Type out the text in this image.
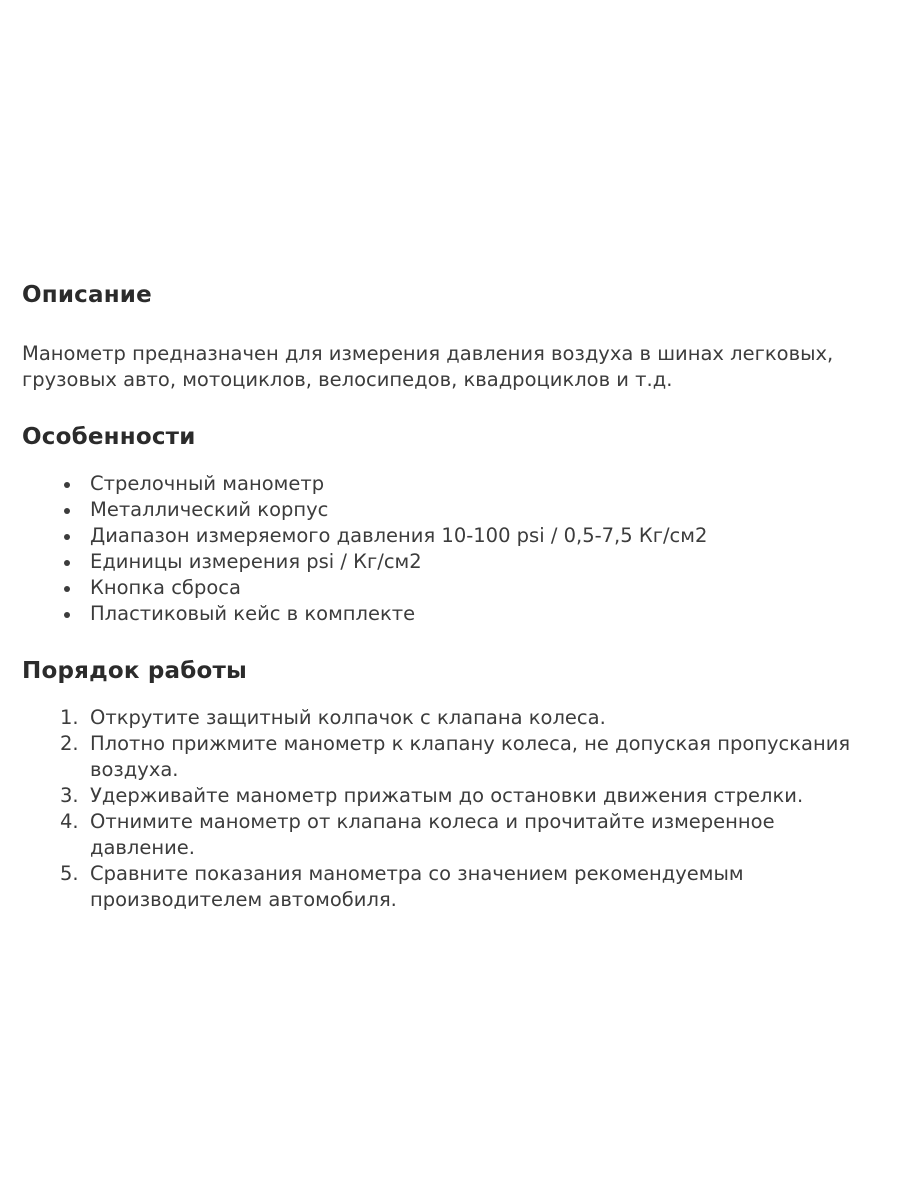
Описание

Манометр предназначен для измерения давления воздуха в шинах легковых, грузовых авто, мотоциклов, велосипедов, квадроциклов и т.д.

Особенности
Стрелочный манометр
Металлический корпус
Диапазон измеряемого давления 10-100 psi / 0,5-7,5 Кг/см2
Единицы измерения psi / Кг/см2
Кнопка сброса
Пластиковый кейс в комплекте
Порядок работы
1. Открутите защитный колпачок с клапана колеса.
2. Плотно прижмите манометр к клапану колеса, не допуская пропускания воздуха.
3. Удерживайте манометр прижатым до остановки движения стрелки.
4. Отнимите манометр от клапана колеса и прочитайте измеренное давление.
5. Сравните показания манометра со значением рекомендуемым производителем автомобиля.
